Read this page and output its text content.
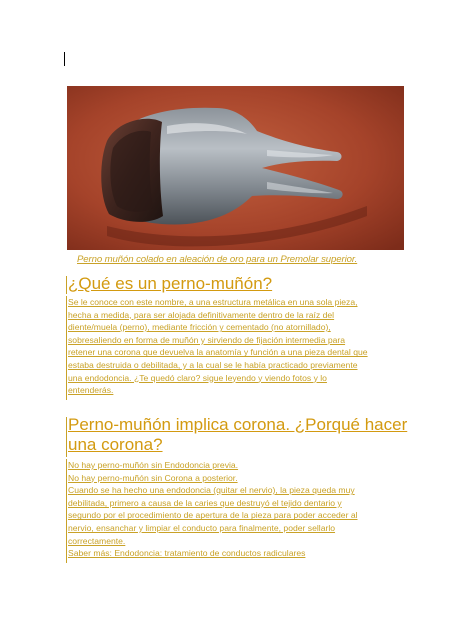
Perno muñón colado en aleación de oro para un Premolar superior.
¿Qué es un perno-muñón?
Se le conoce con este nombre, a una estructura metálica en una sola pieza,
hecha a medida, para ser alojada definitivamente dentro de la raíz del
diente/muela (perno), mediante fricción y cementado (no atornillado),
sobresaliendo en forma de muñón y sirviendo de fijación intermedia para
retener una corona que devuelva la anatomía y función a una pieza dental que
estaba destruida o debilitada, y a la cual se le había practicado previamente
una endodoncia. ¿Te quedó claro? sigue leyendo y viendo fotos y lo
entenderás.
Perno-muñón implica corona. ¿Porqué hacer
una corona?
No hay perno-muñón sin Endodoncia previa.
No hay perno-muñón sin Corona a posterior.
Cuando se ha hecho una endodoncia (quitar el nervio), la pieza queda muy
debilitada, primero a causa de la caries que destruyó el tejido dentario y
segundo por el procedimiento de apertura de la pieza para poder acceder al
nervio, ensanchar y limpiar el conducto para finalmente, poder sellarlo
correctamente.
Saber más: Endodoncia: tratamiento de conductos radiculares
